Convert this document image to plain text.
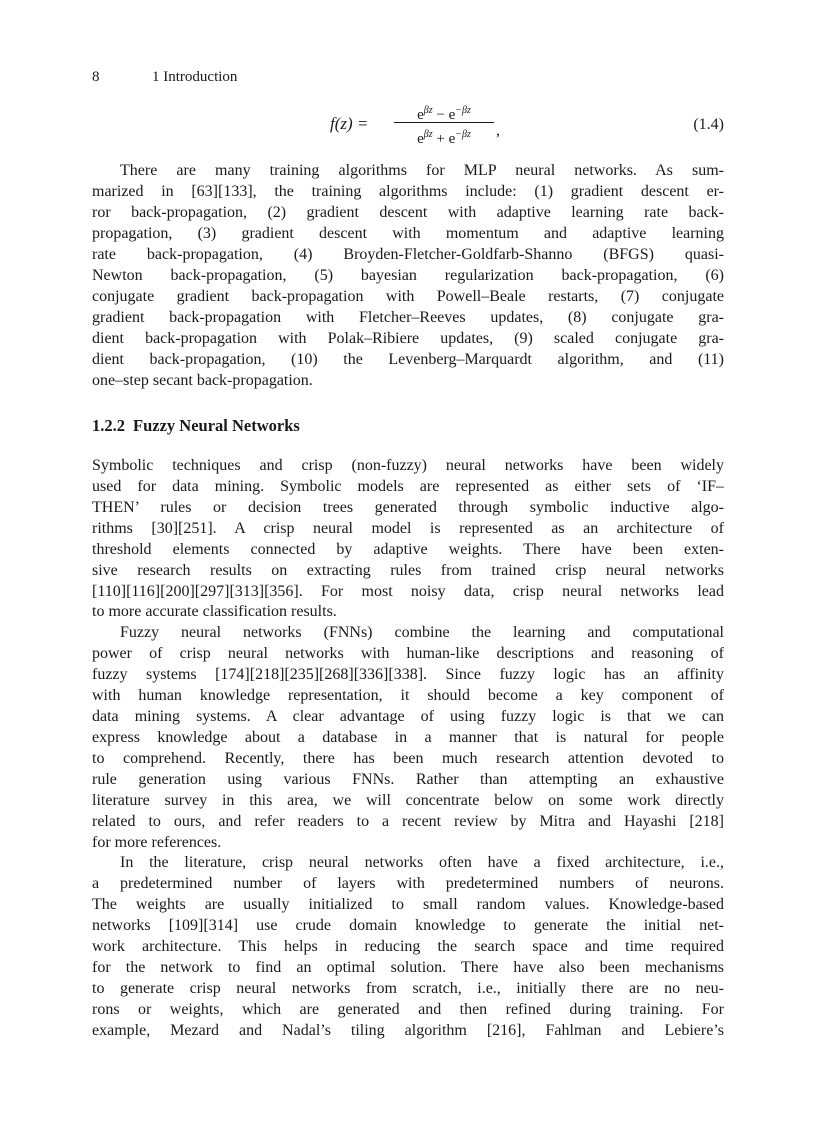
8	1 Introduction
f(z) =	$e^{\beta z} - e^{-\beta z}$
$e^{\beta z} + e^{-\beta z}$	,	(1.4)
There are many training algorithms for MLP neural networks. As sum-
marized in [63][133], the training algorithms include: (1) gradient descent er-
ror back-propagation, (2) gradient descent with adaptive learning rate back-
propagation, (3) gradient descent with momentum and adaptive learning
rate back-propagation, (4) Broyden-Fletcher-Goldfarb-Shanno (BFGS) quasi-
Newton back-propagation, (5) bayesian regularization back-propagation, (6)
conjugate gradient back-propagation with Powell–Beale restarts, (7) conjugate
gradient back-propagation with Fletcher–Reeves updates, (8) conjugate gra-
dient back-propagation with Polak–Ribiere updates, (9) scaled conjugate gra-
dient back-propagation, (10) the Levenberg–Marquardt algorithm, and (11)
one–step secant back-propagation.
1.2.2 Fuzzy Neural Networks
Symbolic techniques and crisp (non-fuzzy) neural networks have been widely
used for data mining. Symbolic models are represented as either sets of ‘IF–
THEN’ rules or decision trees generated through symbolic inductive algo-
rithms [30][251]. A crisp neural model is represented as an architecture of
threshold elements connected by adaptive weights. There have been exten-
sive research results on extracting rules from trained crisp neural networks
[110][116][200][297][313][356]. For most noisy data, crisp neural networks lead
to more accurate classification results.
Fuzzy neural networks (FNNs) combine the learning and computational
power of crisp neural networks with human-like descriptions and reasoning of
fuzzy systems [174][218][235][268][336][338]. Since fuzzy logic has an affinity
with human knowledge representation, it should become a key component of
data mining systems. A clear advantage of using fuzzy logic is that we can
express knowledge about a database in a manner that is natural for people
to comprehend. Recently, there has been much research attention devoted to
rule generation using various FNNs. Rather than attempting an exhaustive
literature survey in this area, we will concentrate below on some work directly
related to ours, and refer readers to a recent review by Mitra and Hayashi [218]
for more references.
In the literature, crisp neural networks often have a fixed architecture, i.e.,
a predetermined number of layers with predetermined numbers of neurons.
The weights are usually initialized to small random values. Knowledge-based
networks [109][314] use crude domain knowledge to generate the initial net-
work architecture. This helps in reducing the search space and time required
for the network to find an optimal solution. There have also been mechanisms
to generate crisp neural networks from scratch, i.e., initially there are no neu-
rons or weights, which are generated and then refined during training. For
example, Mezard and Nadal’s tiling algorithm [216], Fahlman and Lebiere’s
